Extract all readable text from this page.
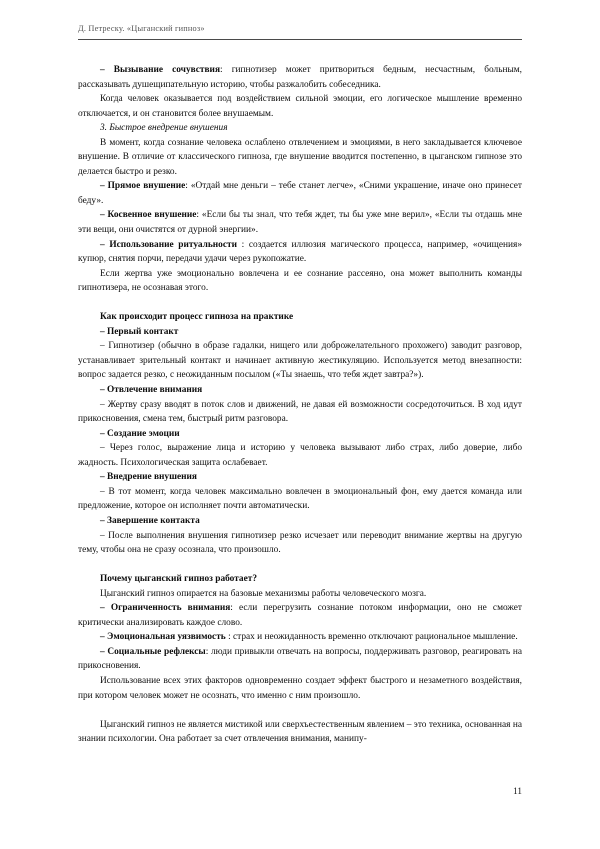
Д. Петреску. «Цыганский гипноз»

– Вызывание сочувствия: гипнотизер может притвориться бедным, несчастным, больным, рассказывать душещипательную историю, чтобы разжалобить собеседника.

Когда человек оказывается под воздействием сильной эмоции, его логическое мышление временно отключается, и он становится более внушаемым.

3. Быстрое внедрение внушения

В момент, когда сознание человека ослаблено отвлечением и эмоциями, в него закладывается ключевое внушение. В отличие от классического гипноза, где внушение вводится постепенно, в цыганском гипнозе это делается быстро и резко.

– Прямое внушение: «Отдай мне деньги – тебе станет легче», «Сними украшение, иначе оно принесет беду».

– Косвенное внушение: «Если бы ты знал, что тебя ждет, ты бы уже мне верил», «Если ты отдашь мне эти вещи, они очистятся от дурной энергии».

– Использование ритуальности : создается иллюзия магического процесса, например, «очищения» купюр, снятия порчи, передачи удачи через рукопожатие.

Если жертва уже эмоционально вовлечена и ее сознание рассеяно, она может выполнить команды гипнотизера, не осознавая этого.

Как происходит процесс гипноза на практике

– Первый контакт

– Гипнотизер (обычно в образе гадалки, нищего или доброжелательного прохожего) заводит разговор, устанавливает зрительный контакт и начинает активную жестикуляцию. Используется метод внезапности: вопрос задается резко, с неожиданным посылом («Ты знаешь, что тебя ждет завтра?»).

– Отвлечение внимания

– Жертву сразу вводят в поток слов и движений, не давая ей возможности сосредоточиться. В ход идут прикосновения, смена тем, быстрый ритм разговора.

– Создание эмоции

– Через голос, выражение лица и историю у человека вызывают либо страх, либо доверие, либо жадность. Психологическая защита ослабевает.

– Внедрение внушения

– В тот момент, когда человек максимально вовлечен в эмоциональный фон, ему дается команда или предложение, которое он исполняет почти автоматически.

– Завершение контакта

– После выполнения внушения гипнотизер резко исчезает или переводит внимание жертвы на другую тему, чтобы она не сразу осознала, что произошло.

Почему цыганский гипноз работает?

Цыганский гипноз опирается на базовые механизмы работы человеческого мозга.

– Ограниченность внимания: если перегрузить сознание потоком информации, оно не сможет критически анализировать каждое слово.

– Эмоциональная уязвимость : страх и неожиданность временно отключают рациональное мышление.

– Социальные рефлексы: люди привыкли отвечать на вопросы, поддерживать разговор, реагировать на прикосновения.

Использование всех этих факторов одновременно создает эффект быстрого и незаметного воздействия, при котором человек может не осознать, что именно с ним произошло.

Цыганский гипноз не является мистикой или сверхъестественным явлением – это техника, основанная на знании психологии. Она работает за счет отвлечения внимания, манипу-

11
